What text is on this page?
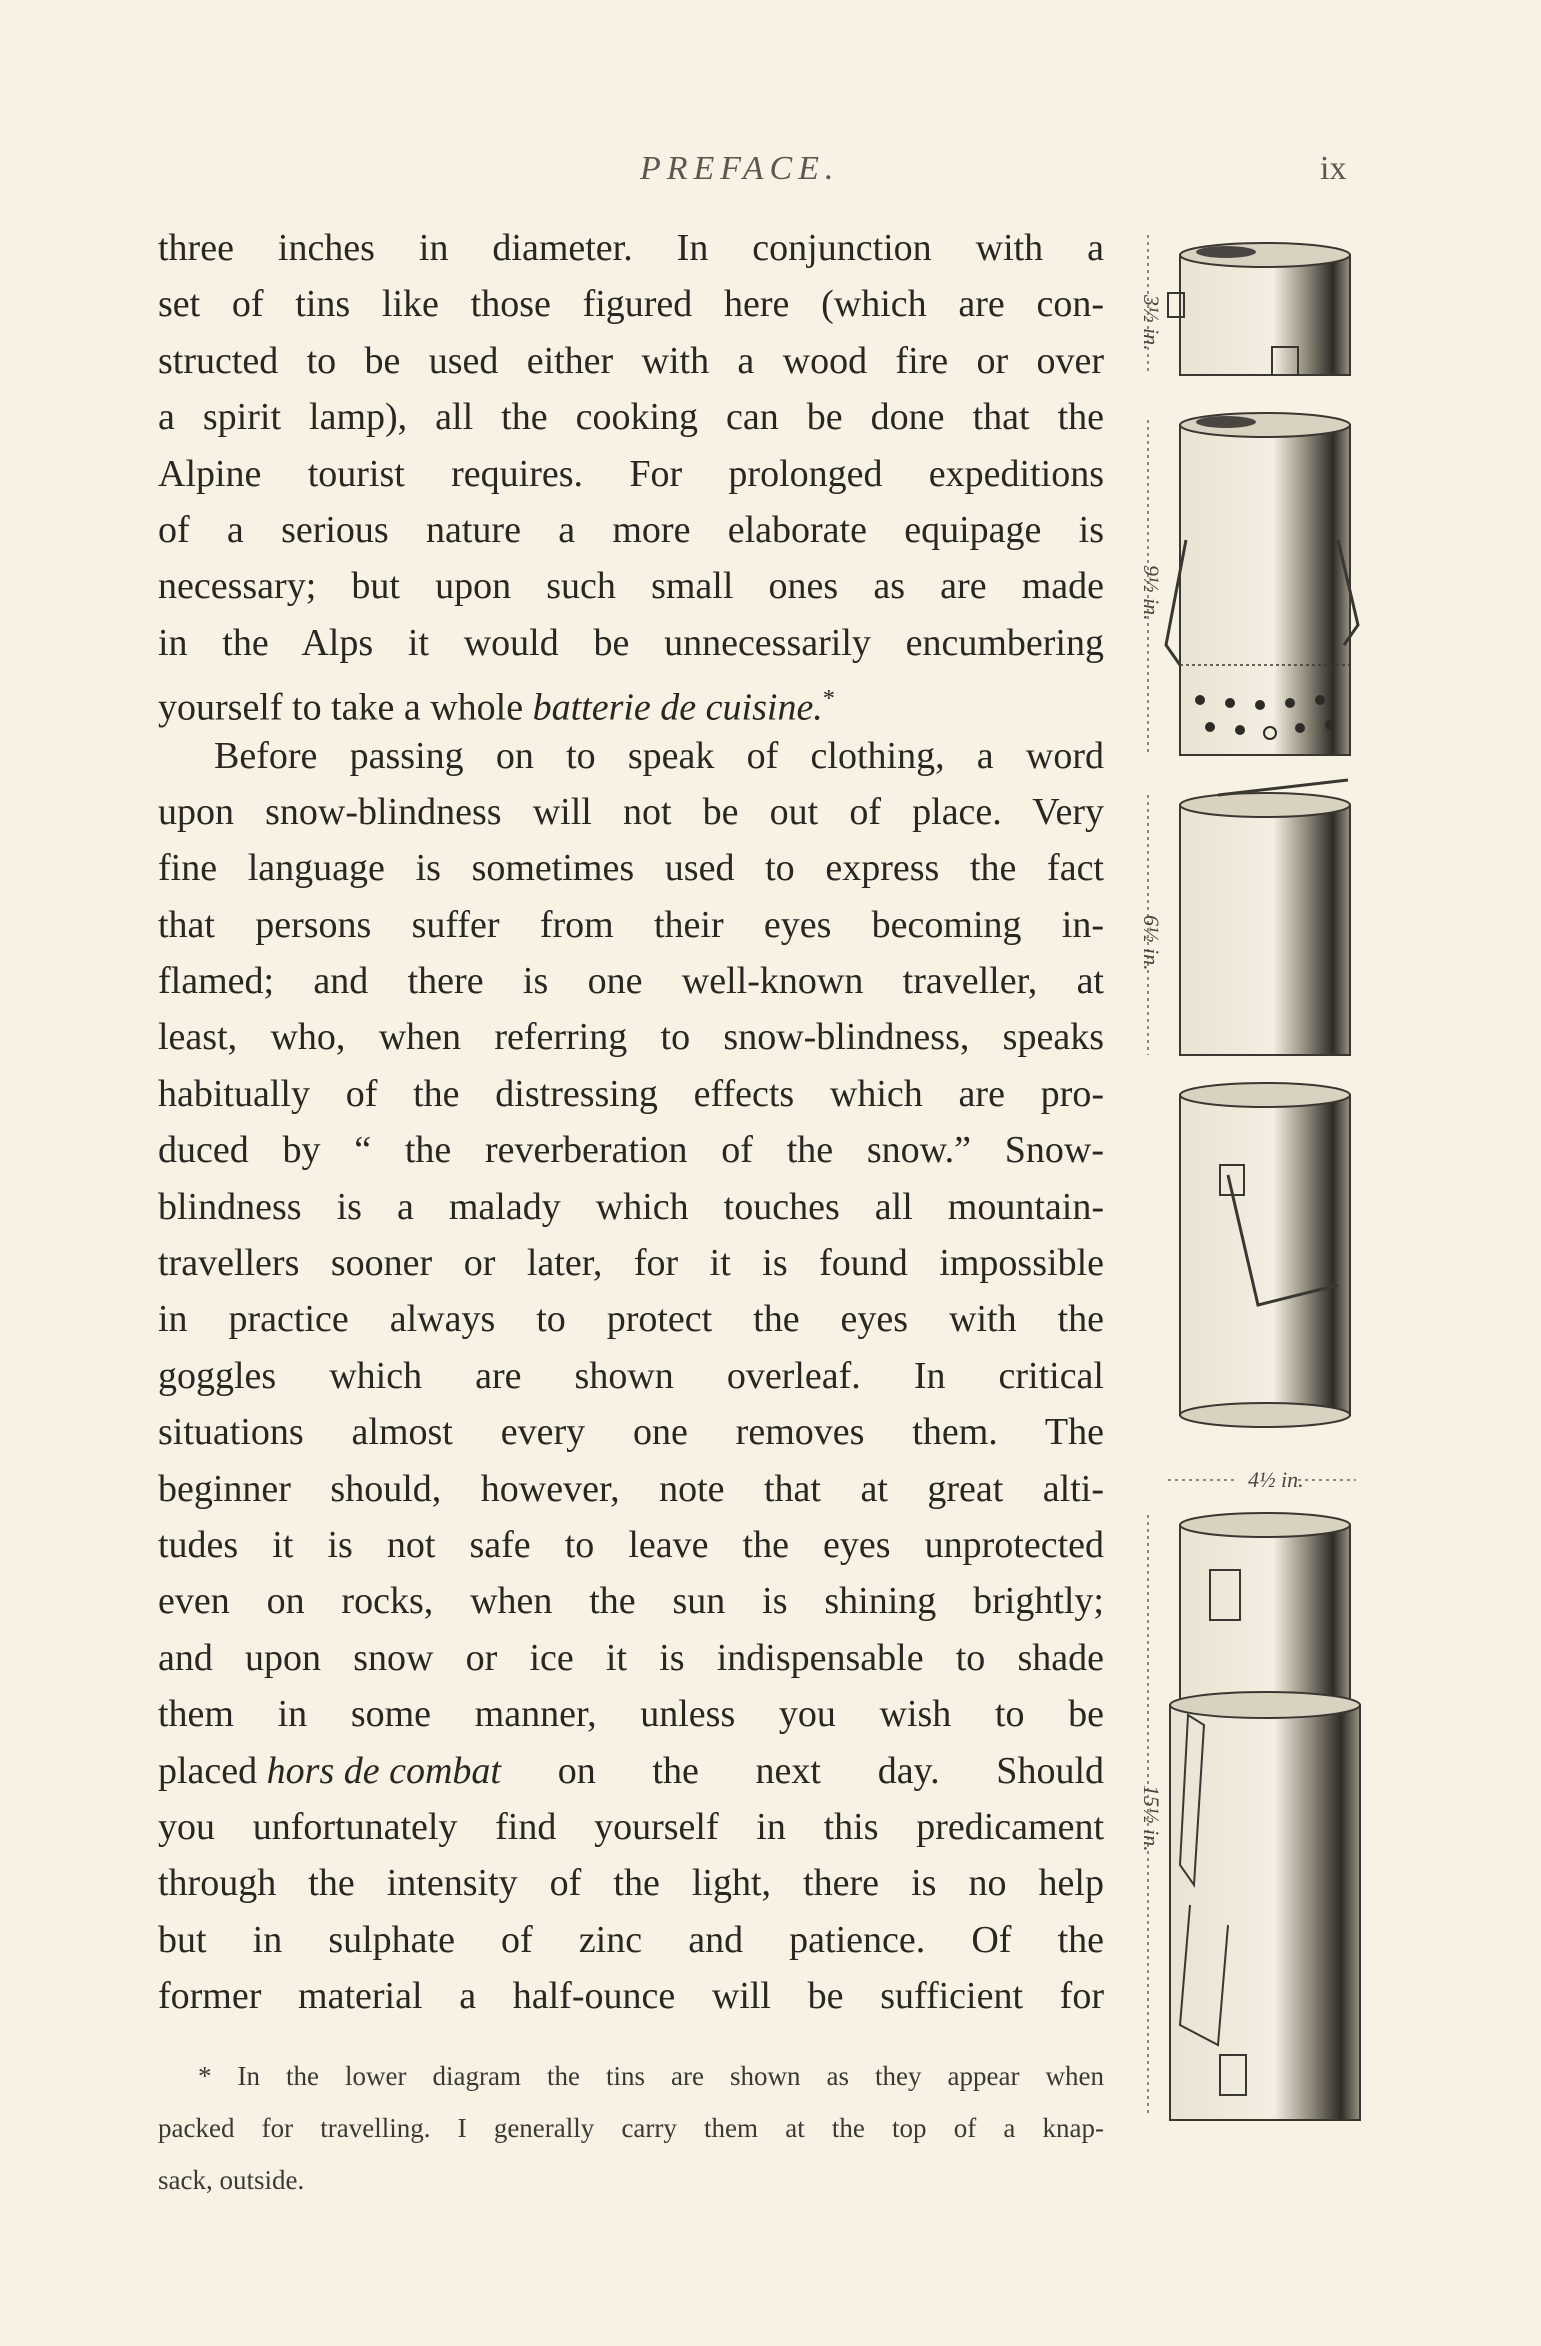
PREFACE.	ix
three inches in diameter. In conjunction with a
set of tins like those figured here (which are con-
structed to be used either with a wood fire or over
a spirit lamp), all the cooking can be done that the
Alpine tourist requires. For prolonged expeditions
of a serious nature a more elaborate equipage is
necessary; but upon such small ones as are made
in the Alps it would be unnecessarily encumbering
yourself to take a whole batterie de cuisine.*
Before passing on to speak of clothing, a word
upon snow-blindness will not be out of place. Very
fine language is sometimes used to express the fact
that persons suffer from their eyes becoming in-
flamed; and there is one well-known traveller, at
least, who, when referring to snow-blindness, speaks
habitually of the distressing effects which are pro-
duced by “ the reverberation of the snow.” Snow-
blindness is a malady which touches all mountain-
travellers sooner or later, for it is found impossible
in practice always to protect the eyes with the
goggles which are shown overleaf. In critical
situations almost every one removes them. The
beginner should, however, note that at great alti-
tudes it is not safe to leave the eyes unprotected
even on rocks, when the sun is shining brightly;
and upon snow or ice it is indispensable to shade
them in some manner, unless you wish to be
placed hors de combat on the next day. Should
you unfortunately find yourself in this predicament
through the intensity of the light, there is no help
but in sulphate of zinc and patience. Of the
former material a half-ounce will be sufficient for
* In the lower diagram the tins are shown as they appear when
packed for travelling. I generally carry them at the top of a knap-
sack, outside.
3½ in.
9½ in.
6½ in.
4½ in.
15½ in.
